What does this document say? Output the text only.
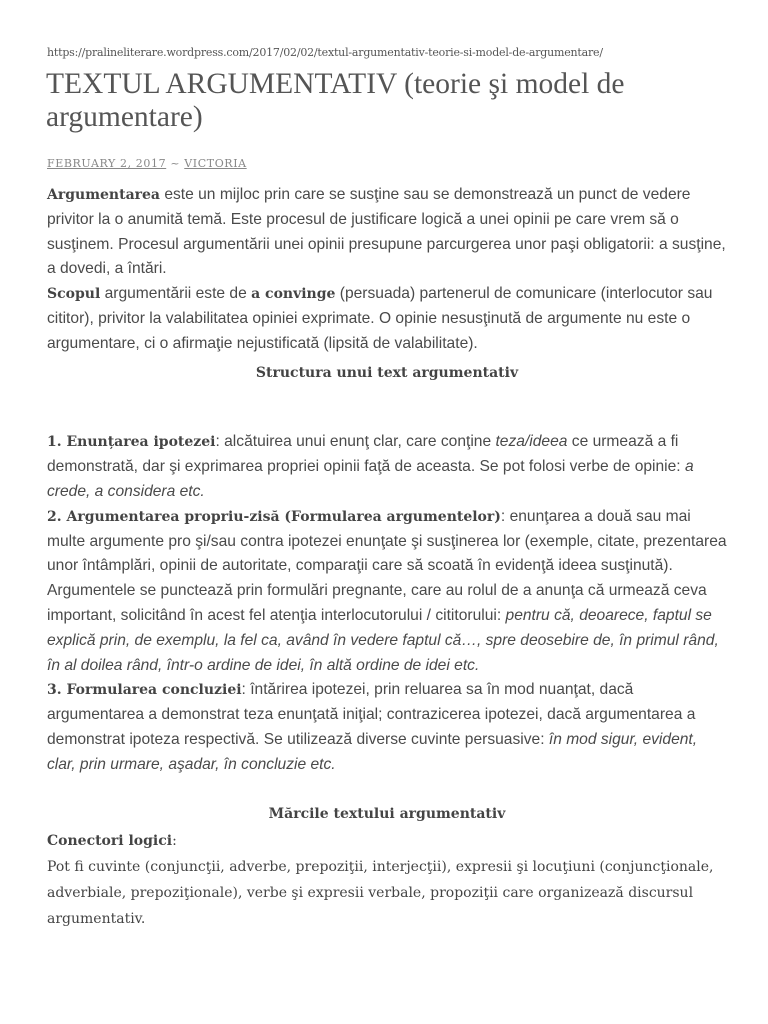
https://pralineliterare.wordpress.com/2017/02/02/textul-argumentativ-teorie-si-model-de-argumentare/
TEXTUL ARGUMENTATIV (teorie şi model de argumentare)
FEBRUARY 2, 2017 ~ VICTORIA

Argumentarea este un mijloc prin care se susţine sau se demonstrează un punct de vedere privitor la o anumită temă. Este procesul de justificare logică a unei opinii pe care vrem să o susţinem. Procesul argumentării unei opinii presupune parcurgerea unor paşi obligatorii: a susţine, a dovedi, a întări.

Scopul argumentării este de a convinge (persuada) partenerul de comunicare (interlocutor sau cititor), privitor la valabilitatea opiniei exprimate. O opinie nesusţinută de argumente nu este o argumentare, ci o afirmaţie nejustificată (lipsită de valabilitate).

Structura unui text argumentativ

1. Enunțarea ipotezei: alcătuirea unui enunţ clar, care conţine teza/ideea ce urmează a fi demonstrată, dar şi exprimarea propriei opinii faţă de aceasta. Se pot folosi verbe de opinie: a crede, a considera etc.

2. Argumentarea propriu-zisă (Formularea argumentelor): enunţarea a două sau mai multe argumente pro şi/sau contra ipotezei enunţate şi susţinerea lor (exemple, citate, prezentarea unor întâmplări, opinii de autoritate, comparaţii care să scoată în evidenţă ideea susţinută).

Argumentele se punctează prin formulări pregnante, care au rolul de a anunţa că urmează ceva important, solicitând în acest fel atenţia interlocutorului / cititorului: pentru că, deoarece, faptul se explică prin, de exemplu, la fel ca, având în vedere faptul că…, spre deosebire de, în primul rând, în al doilea rând, într-o ardine de idei, în altă ordine de idei etc.

3. Formularea concluziei: întărirea ipotezei, prin reluarea sa în mod nuanţat, dacă argumentarea a demonstrat teza enunţată iniţial; contrazicerea ipotezei, dacă argumentarea a demonstrat ipoteza respectivă. Se utilizează diverse cuvinte persuasive: în mod sigur, evident, clar, prin urmare, aşadar, în concluzie etc.

Mărcile textului argumentativ

Conectori logici:

Pot fi cuvinte (conjuncţii, adverbe, prepoziţii, interjecţii), expresii şi locuţiuni (conjuncţionale, adverbiale, prepoziţionale), verbe şi expresii verbale, propoziţii care organizează discursul argumentativ.
